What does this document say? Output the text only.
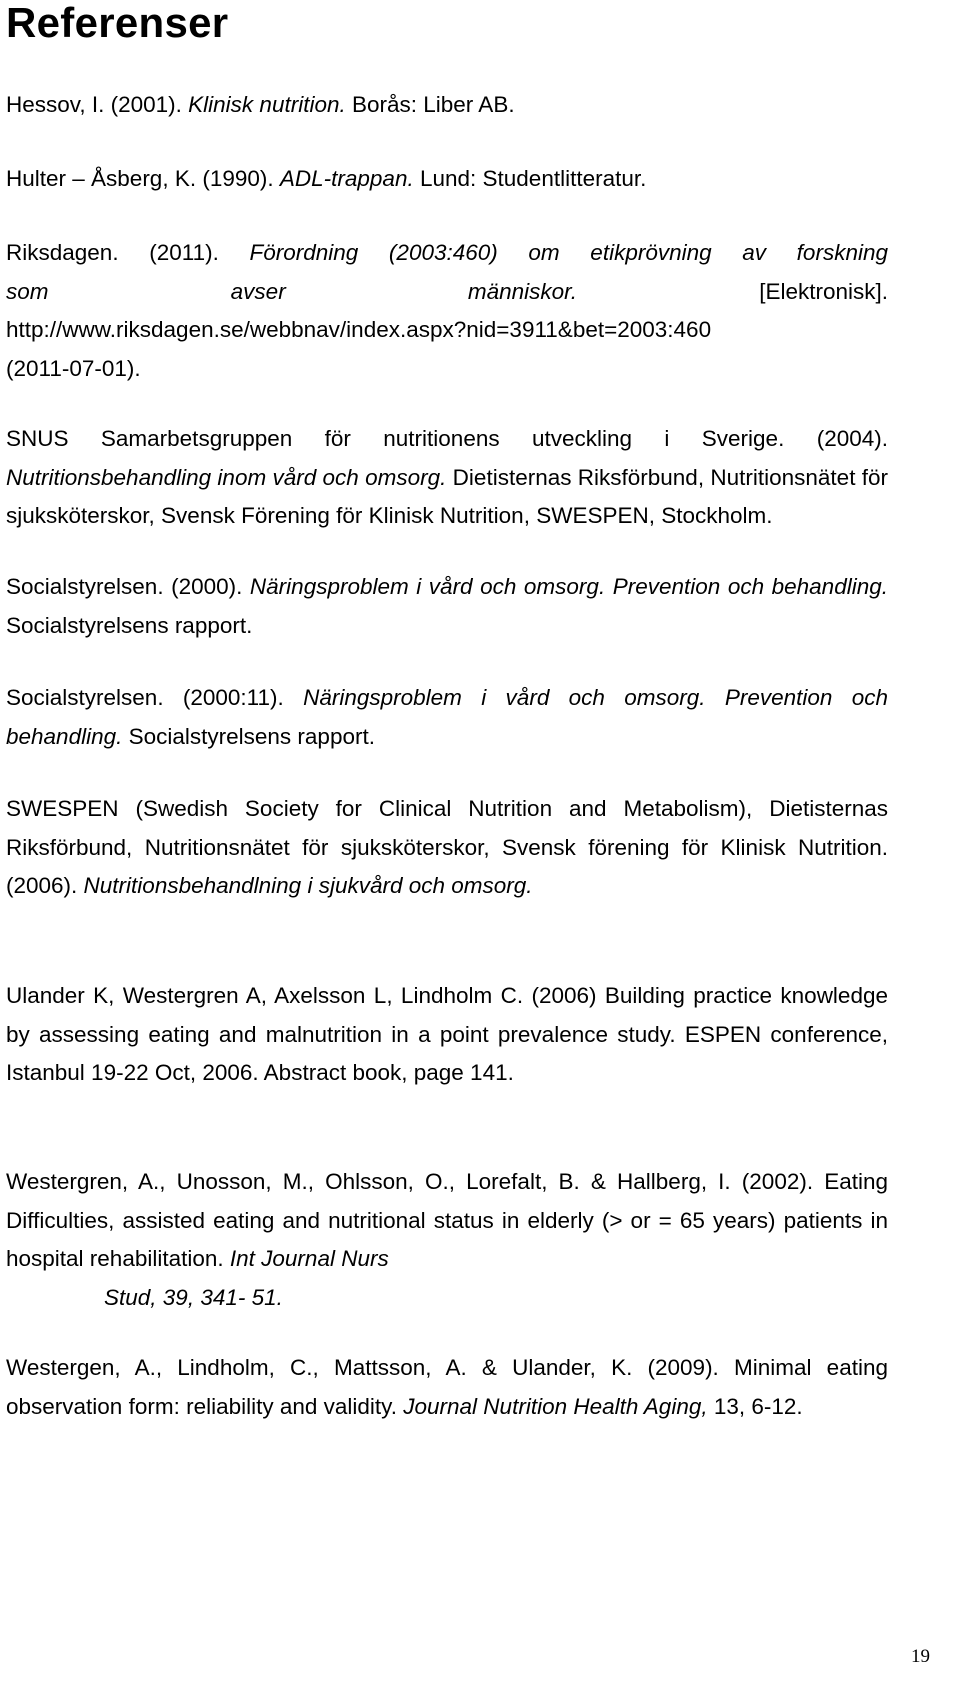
Referenser

Hessov, I. (2001). Klinisk nutrition. Borås: Liber AB.

Hulter – Åsberg, K. (1990). ADL-trappan. Lund: Studentlitteratur.

Riksdagen. (2011). Förordning (2003:460) om etikprövning av forskning
som avser människor. [Elektronisk].
http://www.riksdagen.se/webbnav/index.aspx?nid=3911&bet=2003:460
(2011-07-01).

SNUS Samarbetsgruppen för nutritionens utveckling i Sverige. (2004). Nutritionsbehandling inom vård och omsorg. Dietisternas Riksförbund, Nutritionsnätet för sjuksköterskor, Svensk Förening för Klinisk Nutrition, SWESPEN, Stockholm.

Socialstyrelsen. (2000). Näringsproblem i vård och omsorg. Prevention och behandling. Socialstyrelsens rapport.

Socialstyrelsen. (2000:11). Näringsproblem i vård och omsorg. Prevention och behandling. Socialstyrelsens rapport.

SWESPEN (Swedish Society for Clinical Nutrition and Metabolism), Dietisternas Riksförbund, Nutritionsnätet för sjuksköterskor, Svensk förening för Klinisk Nutrition. (2006). Nutritionsbehandlning i sjukvård och omsorg.

Ulander K, Westergren A, Axelsson L, Lindholm C. (2006) Building practice knowledge by assessing eating and malnutrition in a point prevalence study. ESPEN conference, Istanbul 19-22 Oct, 2006. Abstract book, page 141.

Westergren, A., Unosson, M., Ohlsson, O., Lorefalt, B. & Hallberg, I. (2002). Eating Difficulties, assisted eating and nutritional status in elderly (> or = 65 years) patients in hospital rehabilitation. Int Journal Nurs

Stud, 39, 341- 51.

Westergen, A., Lindholm, C., Mattsson, A. & Ulander, K. (2009). Minimal eating observation form: reliability and validity. Journal Nutrition Health Aging, 13, 6-12.

19
